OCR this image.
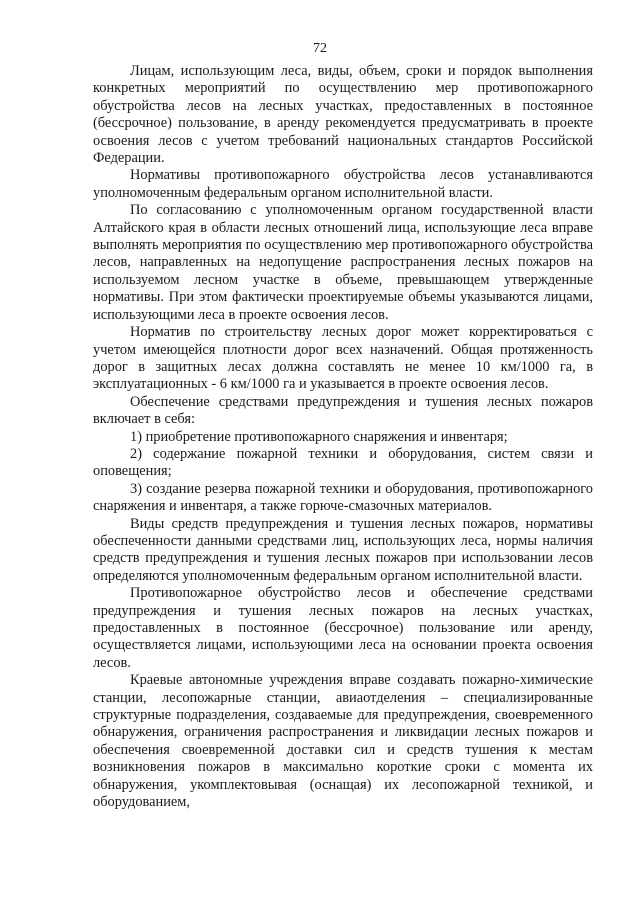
72

Лицам, использующим леса, виды, объем, сроки и порядок выполнения конкретных мероприятий по осуществлению мер противопожарного обустройства лесов на лесных участках, предоставленных в постоянное (бессрочное) пользование, в аренду рекомендуется предусматривать в проекте освоения лесов с учетом требований национальных стандартов Российской Федерации.

Нормативы противопожарного обустройства лесов устанавливаются уполномоченным федеральным органом исполнительной власти.

По согласованию с уполномоченным органом государственной власти Алтайского края в области лесных отношений лица, использующие леса вправе выполнять мероприятия по осуществлению мер противопожарного обустройства лесов, направленных на недопущение распространения лесных пожаров на используемом лесном участке в объеме, превышающем утвержденные нормативы. При этом фактически проектируемые объемы указываются лицами, использующими леса в проекте освоения лесов.

Норматив по строительству лесных дорог может корректироваться с учетом имеющейся плотности дорог всех назначений. Общая протяженность дорог в защитных лесах должна составлять не менее 10 км/1000 га, в эксплуатационных - 6 км/1000 га и указывается в проекте освоения лесов.

Обеспечение средствами предупреждения и тушения лесных пожаров включает в себя:

1) приобретение противопожарного снаряжения и инвентаря;

2) содержание пожарной техники и оборудования, систем связи и оповещения;

3) создание резерва пожарной техники и оборудования, противопожарного снаряжения и инвентаря, а также горюче-смазочных материалов.

Виды средств предупреждения и тушения лесных пожаров, нормативы обеспеченности данными средствами лиц, использующих леса, нормы наличия средств предупреждения и тушения лесных пожаров при использовании лесов определяются уполномоченным федеральным органом исполнительной власти.

Противопожарное обустройство лесов и обеспечение средствами предупреждения и тушения лесных пожаров на лесных участках, предоставленных в постоянное (бессрочное) пользование или аренду, осуществляется лицами, использующими леса на основании проекта освоения лесов.

Краевые автономные учреждения вправе создавать пожарно-химические станции, лесопожарные станции, авиаотделения – специализированные структурные подразделения, создаваемые для предупреждения, своевременного обнаружения, ограничения распространения и ликвидации лесных пожаров и обеспечения своевременной доставки сил и средств тушения к местам возникновения пожаров в максимально короткие сроки с момента их обнаружения, укомплектовывая (оснащая) их лесопожарной техникой, и оборудованием,
